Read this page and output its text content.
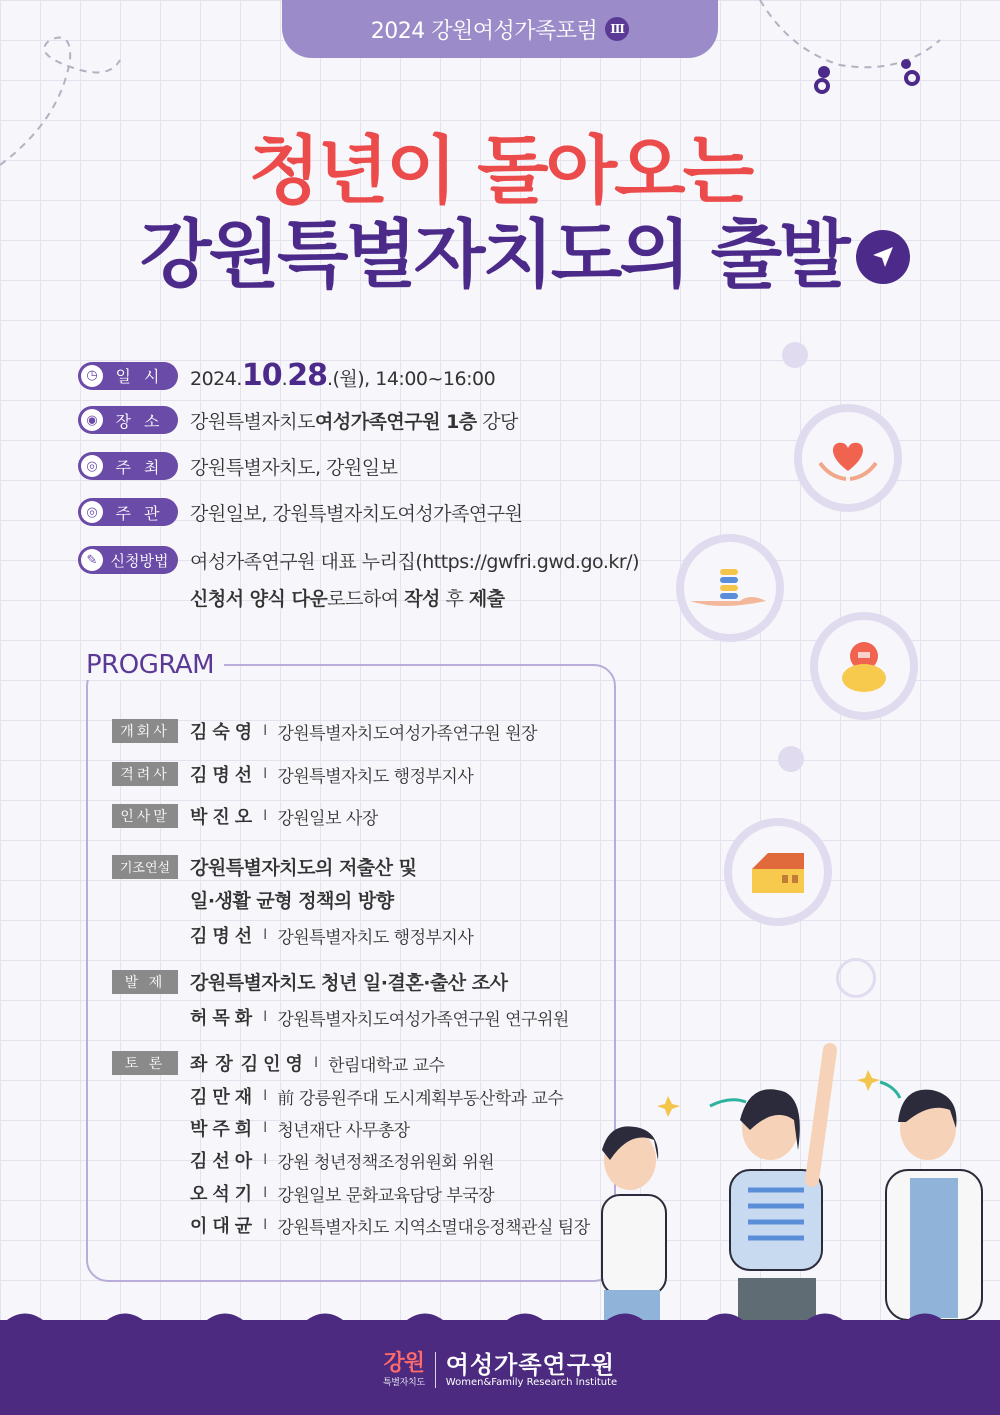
2024 강원여성가족포럼	Ⅲ
청년이 돌아오는
강원특별자치도의 출발
◷	일 시	2024.10.28.(월), 14:00~16:00
◉	장 소	강원특별자치도여성가족연구원 1층 강당
◎	주 최	강원특별자치도, 강원일보
◎	주 관	강원일보, 강원특별자치도여성가족연구원
✎ 신청방법	여성가족연구원 대표 누리집(https://gwfri.gwd.go.kr/)
신청서 양식 다운로드하여 작성 후 제출
PROGRAM
개회사	김숙영 I 강원특별자치도여성가족연구원 원장
격려사	김명선 I 강원특별자치도 행정부지사
인사말	박진오 I 강원일보 사장
기조연설	강원특별자치도의 저출산 및
일·생활 균형 정책의 방향
김명선 I 강원특별자치도 행정부지사
발 제	강원특별자치도 청년 일·결혼·출산 조사
허목화 I 강원특별자치도여성가족연구원 연구위원
토 론	좌장 김인영 I 한림대학교 교수
김만재 I 前 강릉원주대 도시계획부동산학과 교수
박주희 I 청년재단 사무총장
김선아 I 강원 청년정책조정위원회 위원
오석기 I 강원일보 문화교육담당 부국장
이대균 I 강원특별자치도 지역소멸대응정책관실 팀장
강원
특별자치도
여성가족연구원
Women&Family Research Institute
